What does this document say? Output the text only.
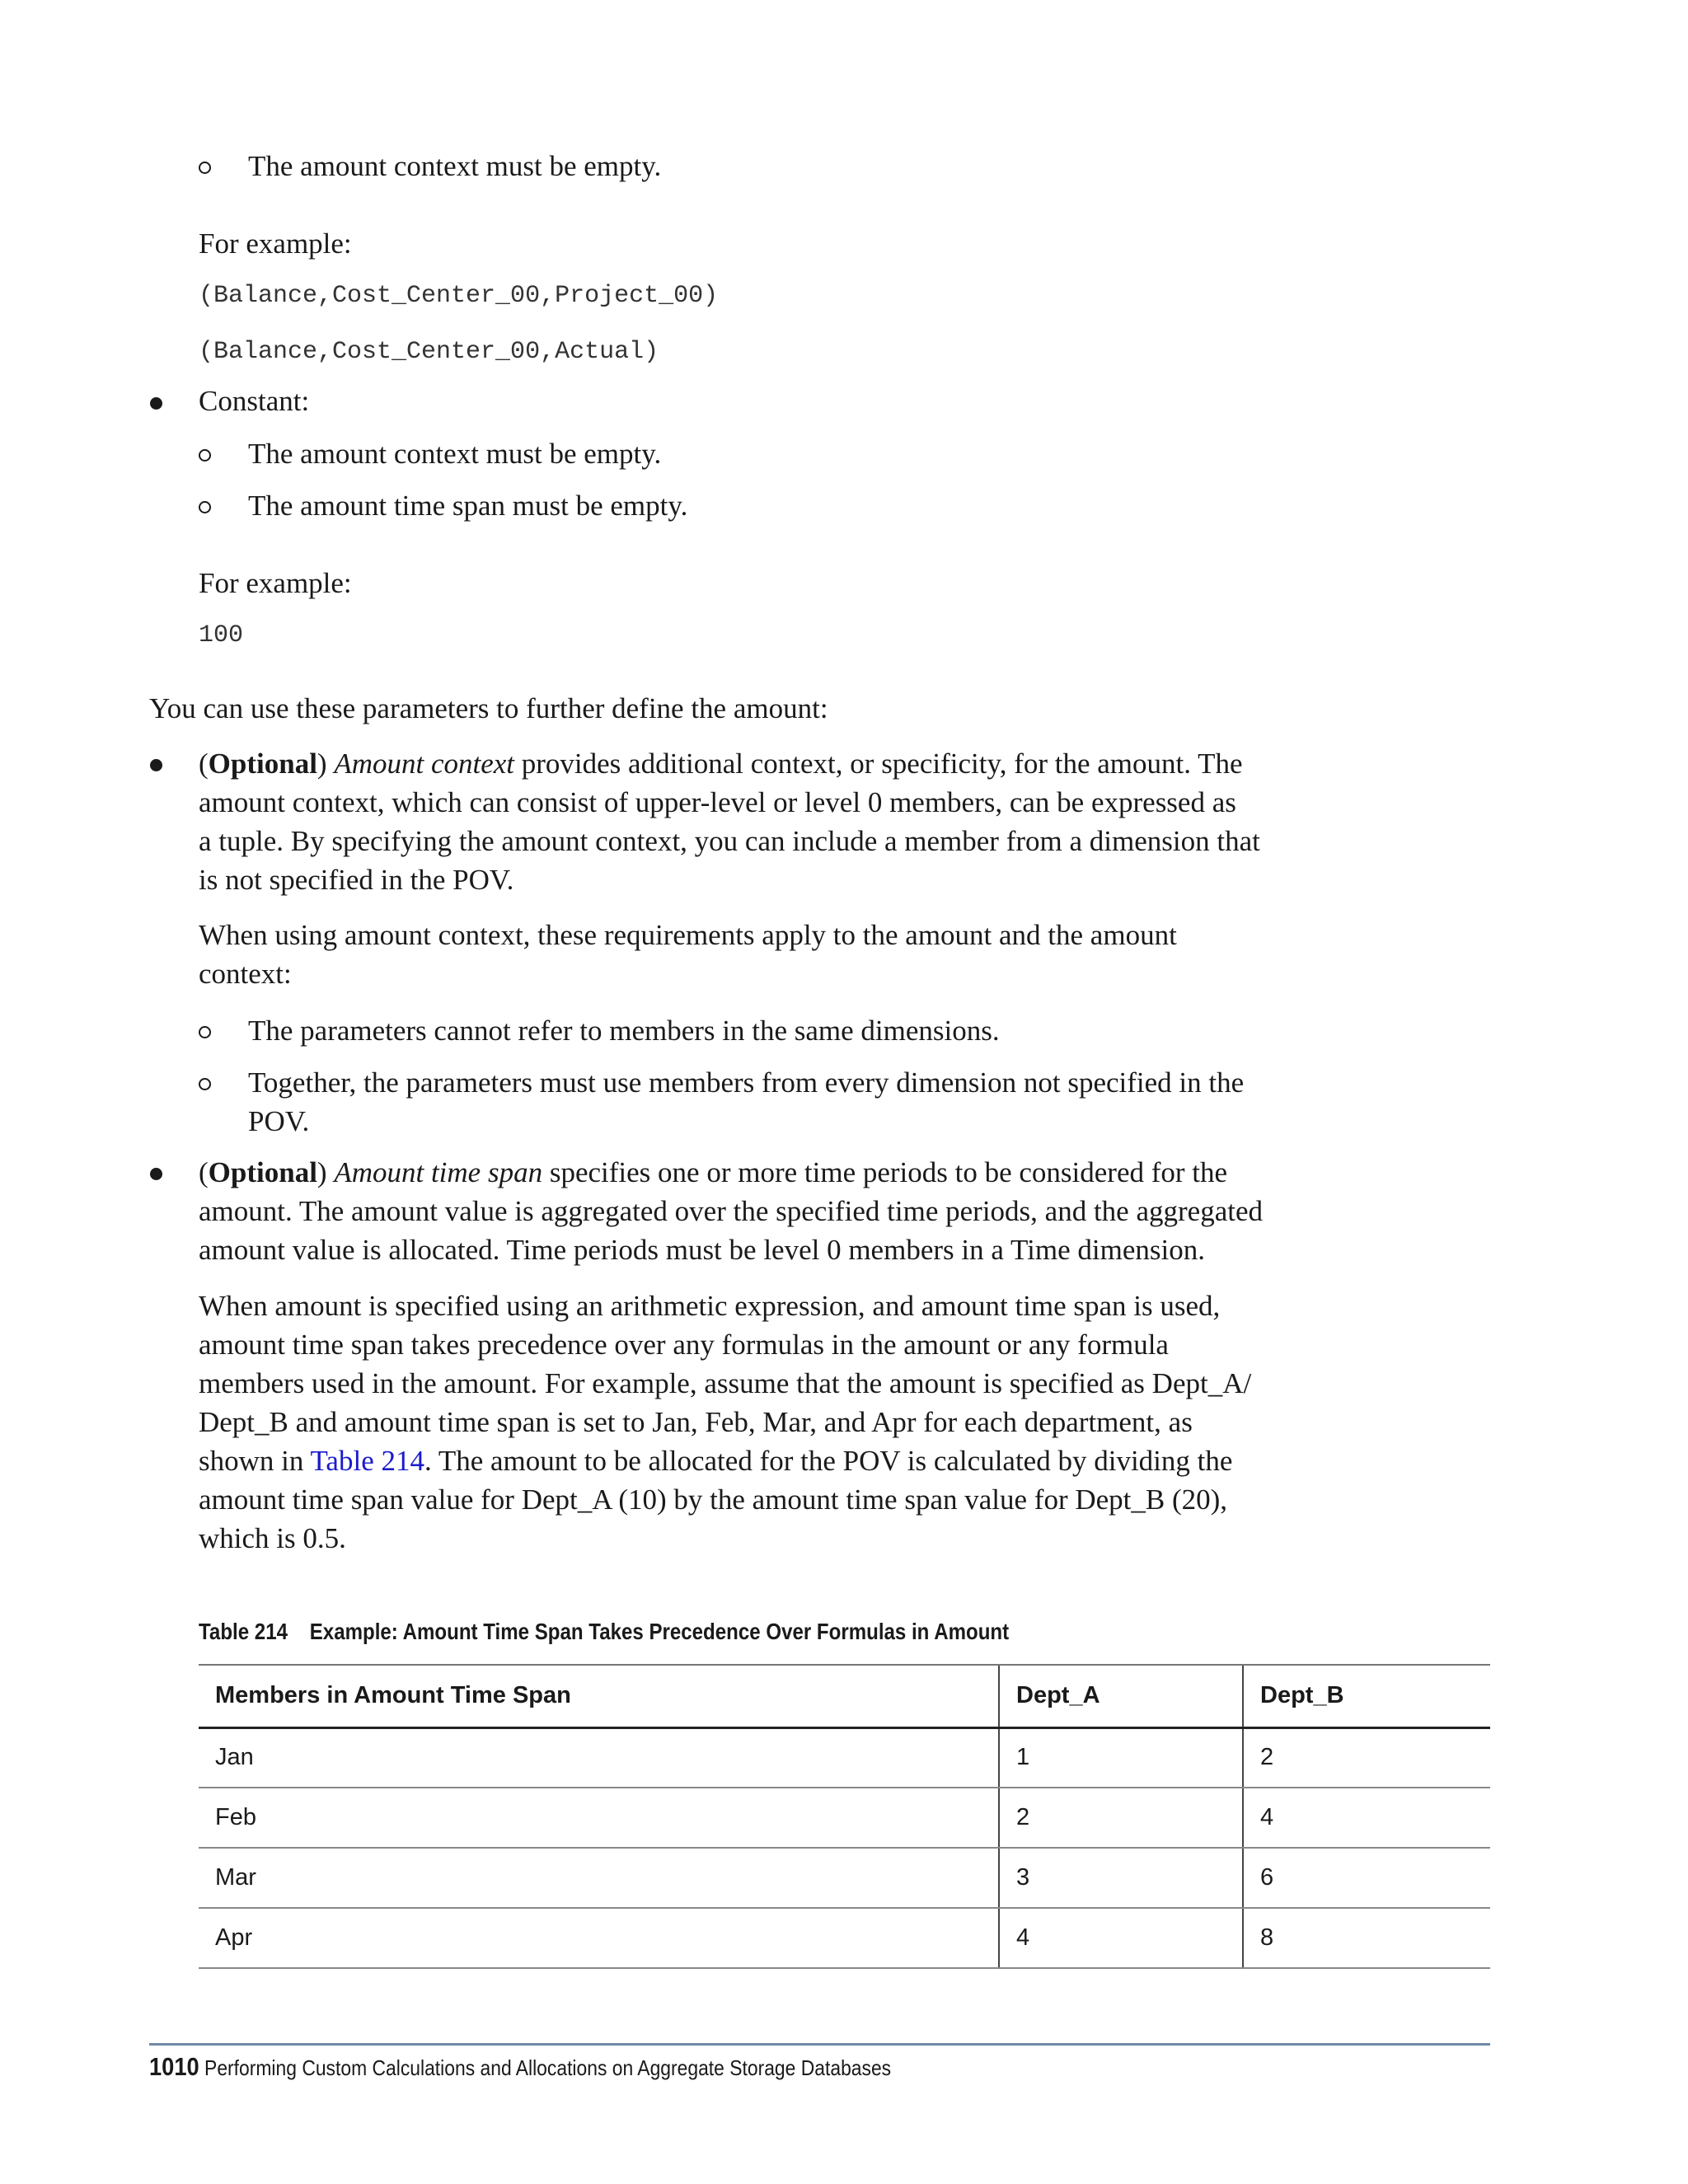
The amount context must be empty.
For example:
(Balance,Cost_Center_00,Project_00)
(Balance,Cost_Center_00,Actual)
Constant:
The amount context must be empty.
The amount time span must be empty.
For example:
100
You can use these parameters to further define the amount:
(Optional) Amount context provides additional context, or specificity, for the amount. The
amount context, which can consist of upper-level or level 0 members, can be expressed as
a tuple. By specifying the amount context, you can include a member from a dimension that
is not specified in the POV.
When using amount context, these requirements apply to the amount and the amount
context:
The parameters cannot refer to members in the same dimensions.
Together, the parameters must use members from every dimension not specified in the
POV.
(Optional) Amount time span specifies one or more time periods to be considered for the
amount. The amount value is aggregated over the specified time periods, and the aggregated
amount value is allocated. Time periods must be level 0 members in a Time dimension.
When amount is specified using an arithmetic expression, and amount time span is used,
amount time span takes precedence over any formulas in the amount or any formula
members used in the amount. For example, assume that the amount is specified as Dept_A/
Dept_B and amount time span is set to Jan, Feb, Mar, and Apr for each department, as
shown in Table 214. The amount to be allocated for the POV is calculated by dividing the
amount time span value for Dept_A (10) by the amount time span value for Dept_B (20),
which is 0.5.
Table 214 Example: Amount Time Span Takes Precedence Over Formulas in Amount
Members in Amount Time Span	Dept_A	Dept_B
Jan	1	2
Feb	2	4
Mar	3	6
Apr	4	8
1010 Performing Custom Calculations and Allocations on Aggregate Storage Databases
